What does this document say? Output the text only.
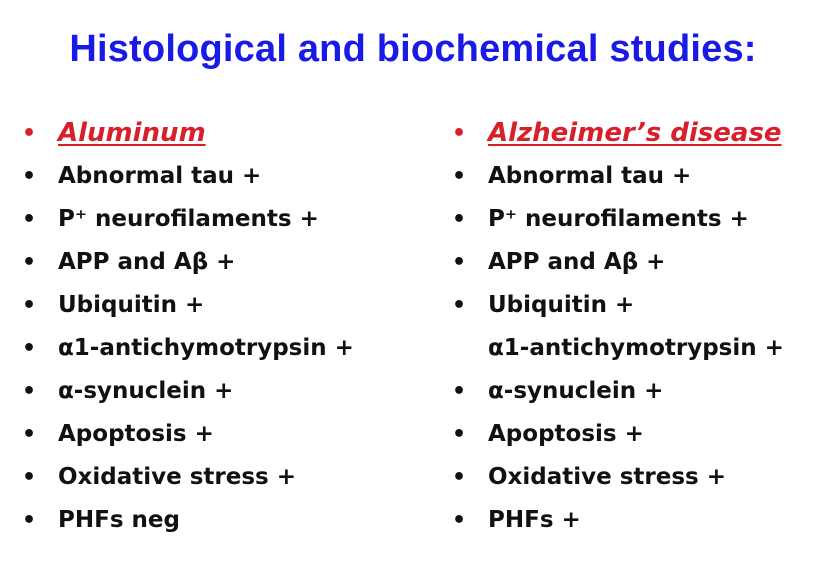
Histological and biochemical studies:
• Aluminum
• Abnormal tau +
• P⁺ neurofilaments +
• APP and Aβ +
• Ubiquitin +
• α1-antichymotrypsin +
• α-synuclein +
• Apoptosis +
• Oxidative stress +
• PHFs neg
• Alzheimer’s disease
• Abnormal tau +
• P⁺ neurofilaments +
• APP and Aβ +
• Ubiquitin +
α1-antichymotrypsin +
• α-synuclein +
• Apoptosis +
• Oxidative stress +
• PHFs +
